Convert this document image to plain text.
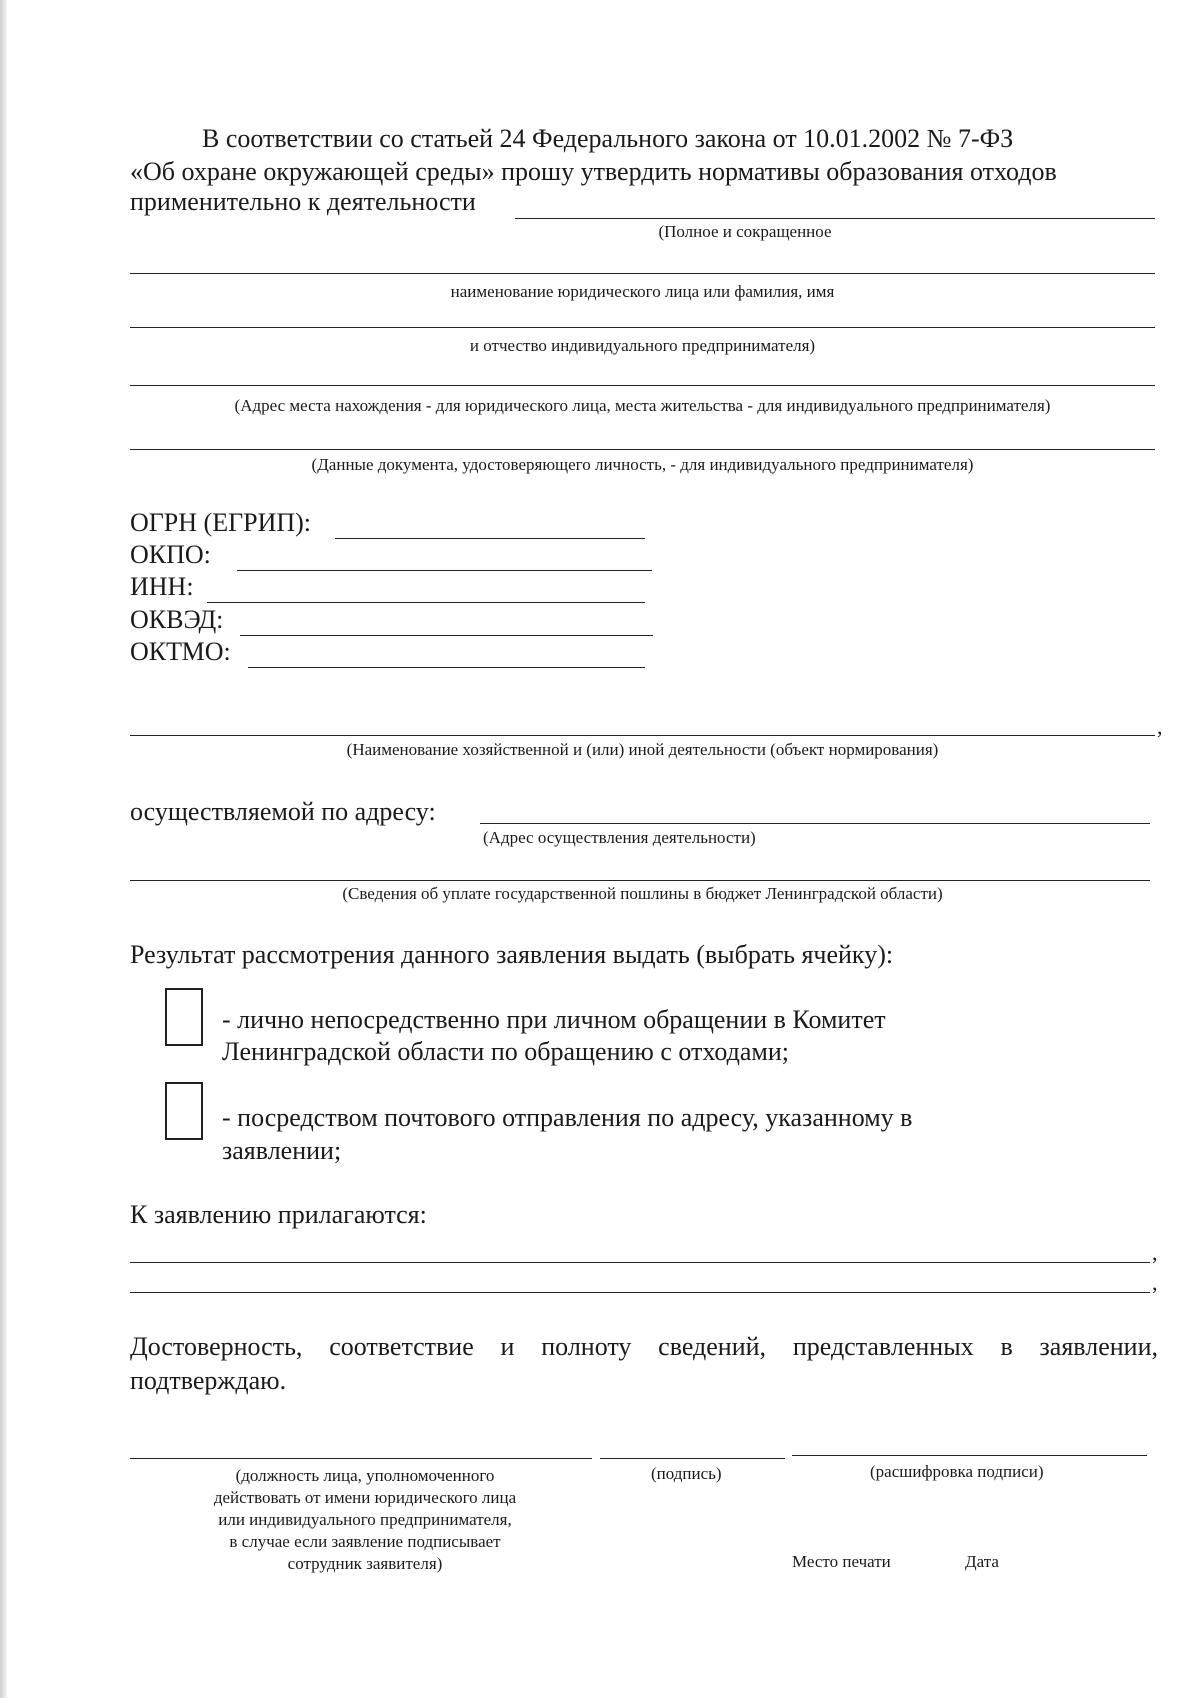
В соответствии со статьей 24 Федерального закона от 10.01.2002 № 7-ФЗ
«Об охране окружающей среды» прошу утвердить нормативы образования отходов
применительно к деятельности
(Полное и сокращенное
наименование юридического лица или фамилия, имя
и отчество индивидуального предпринимателя)
(Адрес места нахождения - для юридического лица, места жительства - для индивидуального предпринимателя)
(Данные документа, удостоверяющего личность, - для индивидуального предпринимателя)
ОГРН (ЕГРИП):
ОКПО:
ИНН:
ОКВЭД:
ОКТМО:
,
(Наименование хозяйственной и (или) иной деятельности (объект нормирования)
осуществляемой по адресу:
(Адрес осуществления деятельности)
(Сведения об уплате государственной пошлины в бюджет Ленинградской области)
Результат рассмотрения данного заявления выдать (выбрать ячейку):
- лично непосредственно при личном обращении в Комитет
Ленинградской области по обращению с отходами;
- посредством почтового отправления по адресу, указанному в
заявлении;
К заявлению прилагаются:
,
,
Достоверность, соответствие и полноту сведений, представленных в заявлении,
подтверждаю.
(должность лица, уполномоченного
действовать от имени юридического лица
или индивидуального предпринимателя,
в случае если заявление подписывает
сотрудник заявителя)
(подпись)	(расшифровка подписи)
Место печати	Дата
